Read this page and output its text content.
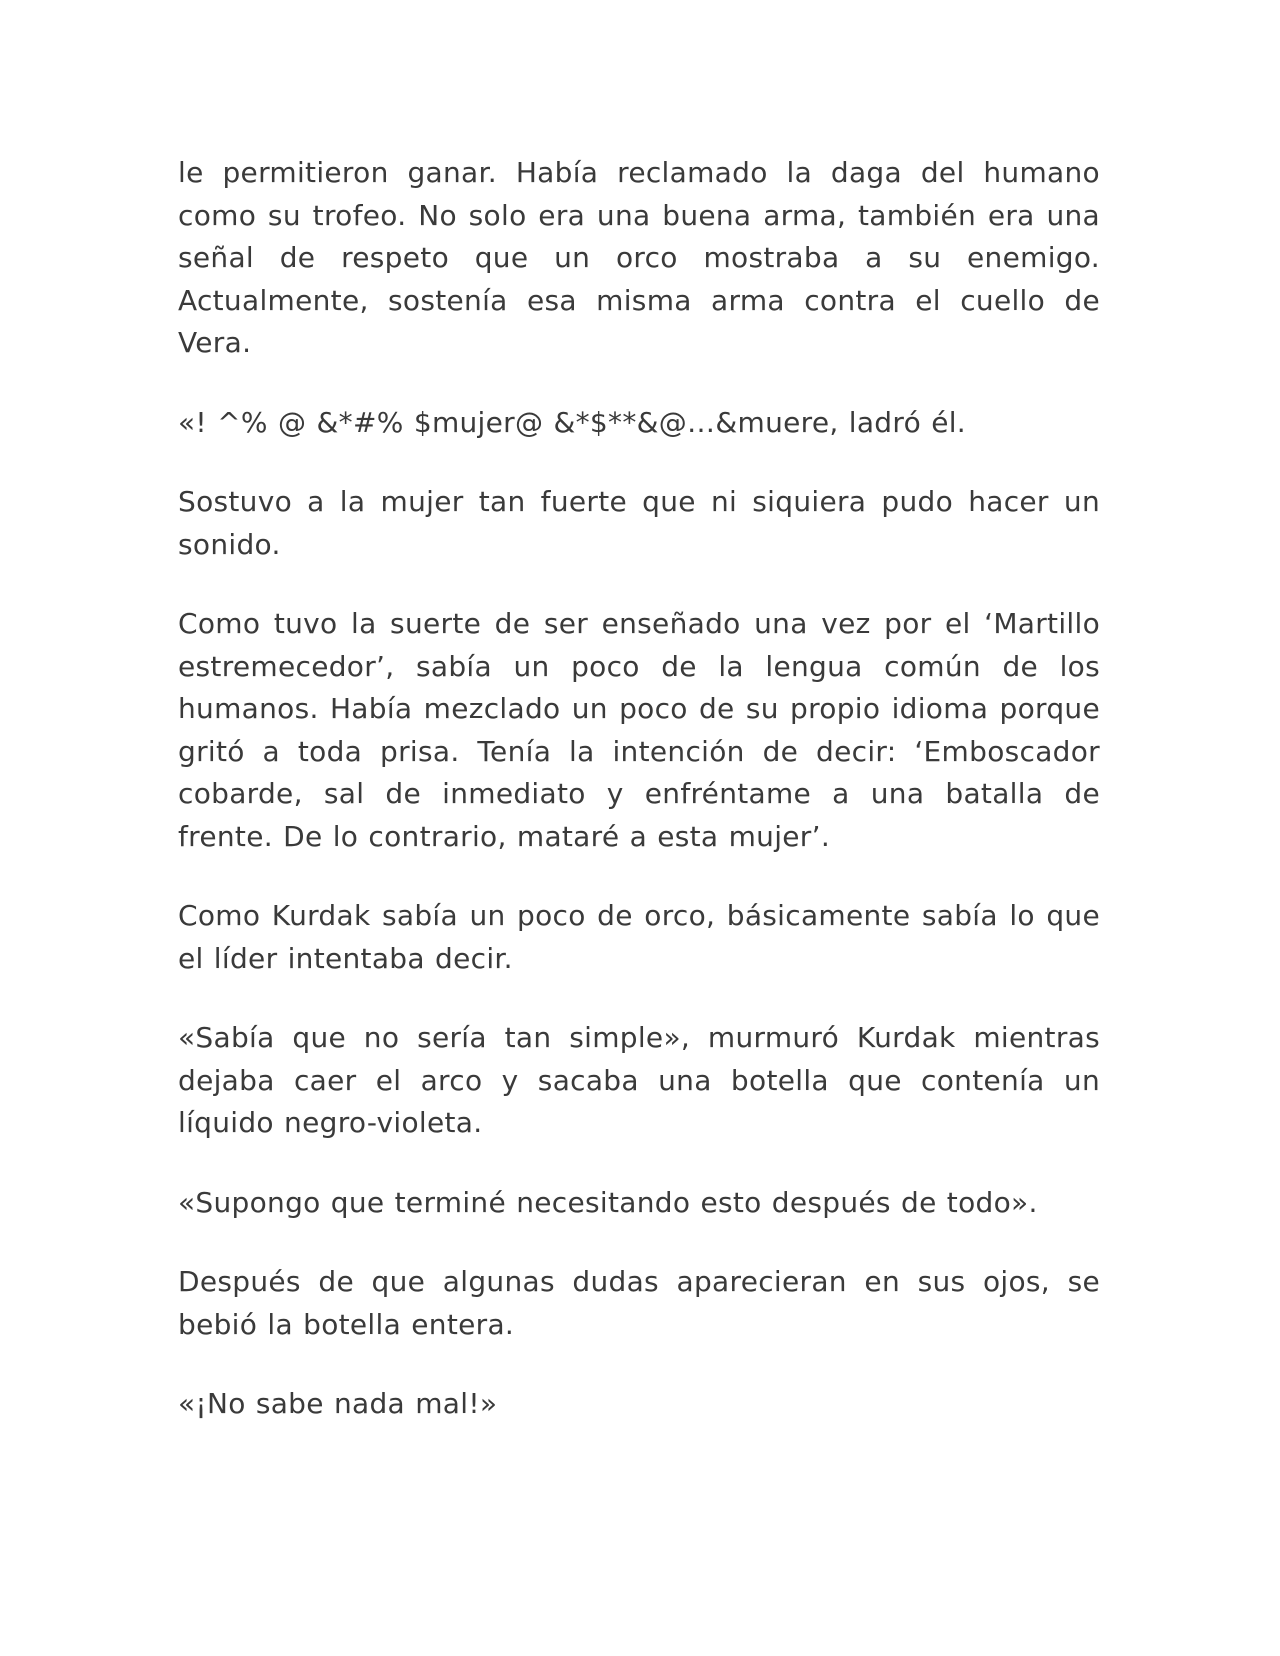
le permitieron ganar. Había reclamado la daga del humano como su trofeo. No solo era una buena arma, también era una señal de respeto que un orco mostraba a su enemigo. Actualmente, sostenía esa misma arma contra el cuello de Vera.

«! ^% @ &*#% $mujer@ &*$**&@…&muere, ladró él.

Sostuvo a la mujer tan fuerte que ni siquiera pudo hacer un sonido.

Como tuvo la suerte de ser enseñado una vez por el ‘Martillo estremecedor’, sabía un poco de la lengua común de los humanos. Había mezclado un poco de su propio idioma porque gritó a toda prisa. Tenía la intención de decir: ‘Emboscador cobarde, sal de inmediato y enfréntame a una batalla de frente. De lo contrario, mataré a esta mujer’.

Como Kurdak sabía un poco de orco, básicamente sabía lo que el líder intentaba decir.

«Sabía que no sería tan simple», murmuró Kurdak mientras dejaba caer el arco y sacaba una botella que contenía un líquido negro-violeta.

«Supongo que terminé necesitando esto después de todo».

Después de que algunas dudas aparecieran en sus ojos, se bebió la botella entera.

«¡No sabe nada mal!»
